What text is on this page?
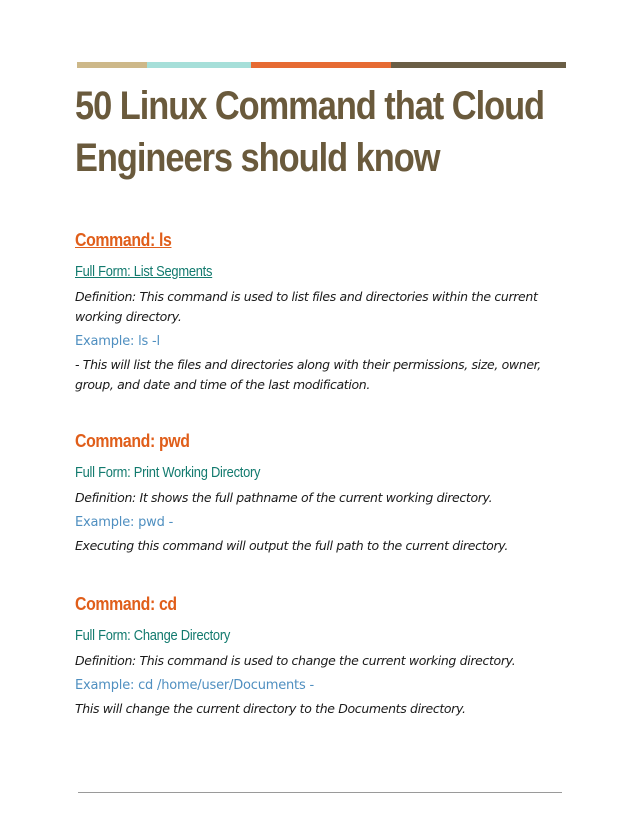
50 Linux Command that Cloud
Engineers should know
Command: ls

Full Form: List Segments

Definition: This command is used to list files and directories within the current working directory.

Example: ls -l

- This will list the files and directories along with their permissions, size, owner, group, and date and time of the last modification.

Command: pwd

Full Form: Print Working Directory

Definition: It shows the full pathname of the current working directory.

Example: pwd -

Executing this command will output the full path to the current directory.

Command: cd

Full Form: Change Directory

Definition: This command is used to change the current working directory.

Example: cd /home/user/Documents -

This will change the current directory to the Documents directory.
